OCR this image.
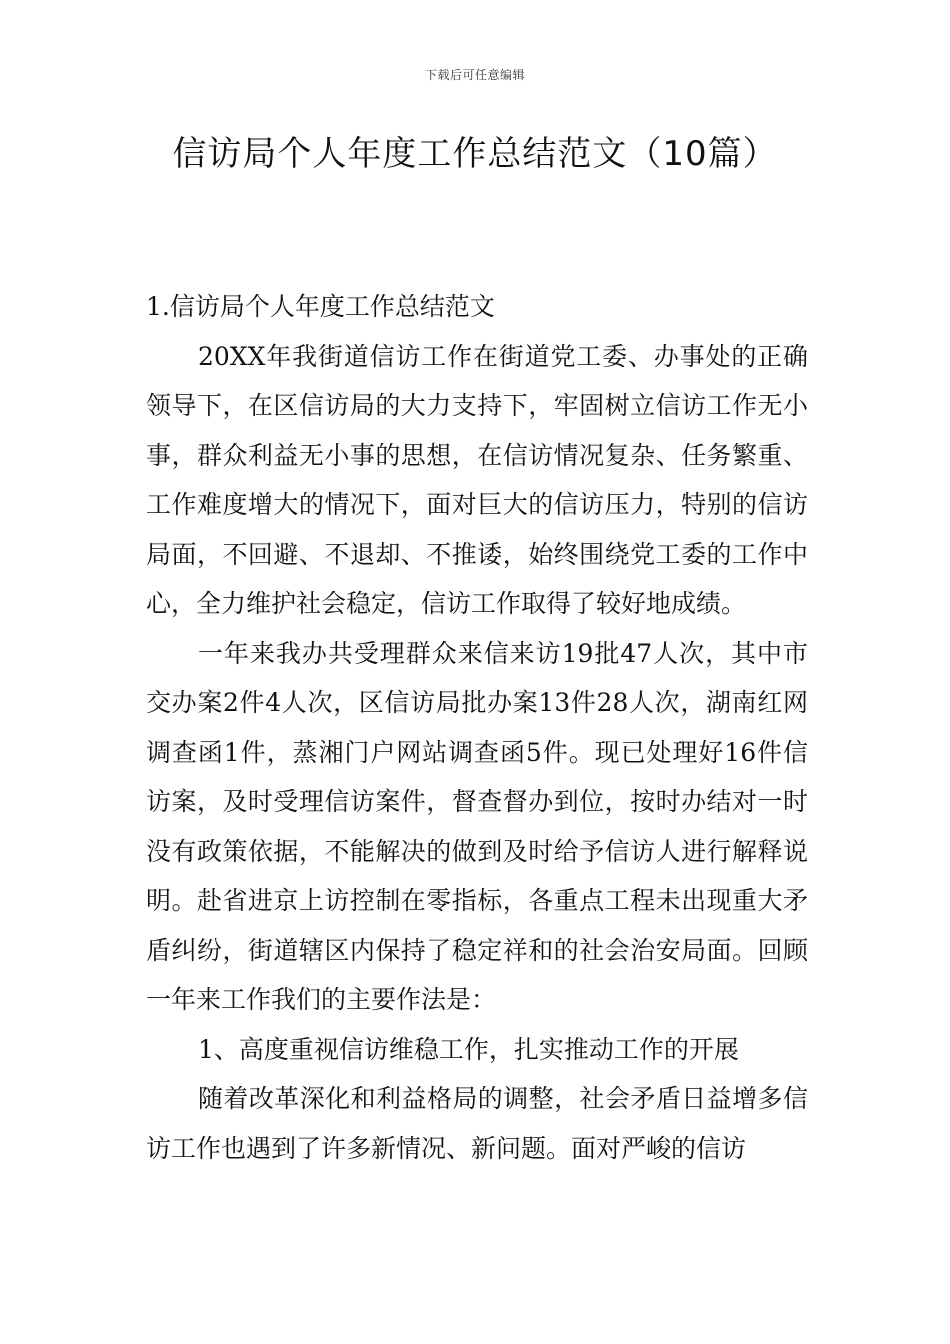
下载后可任意编辑
信访局个人年度工作总结范文（10篇）

1.信访局个人年度工作总结范文

20XX年我街道信访工作在街道党工委、办事处的正确领导下，在区信访局的大力支持下，牢固树立信访工作无小事，群众利益无小事的思想，在信访情况复杂、任务繁重、工作难度增大的情况下，面对巨大的信访压力，特别的信访局面，不回避、不退却、不推诿，始终围绕党工委的工作中心，全力维护社会稳定，信访工作取得了较好地成绩。

一年来我办共受理群众来信来访19批47人次，其中市交办案2件4人次，区信访局批办案13件28人次，湖南红网调查函1件，蒸湘门户网站调查函5件。现已处理好16件信访案，及时受理信访案件，督查督办到位，按时办结对一时没有政策依据，不能解决的做到及时给予信访人进行解释说明。赴省进京上访控制在零指标，各重点工程未出现重大矛盾纠纷，街道辖区内保持了稳定祥和的社会治安局面。回顾一年来工作我们的主要作法是：

1、高度重视信访维稳工作，扎实推动工作的开展

随着改革深化和利益格局的调整，社会矛盾日益增多信访工作也遇到了许多新情况、新问题。面对严峻的信访
